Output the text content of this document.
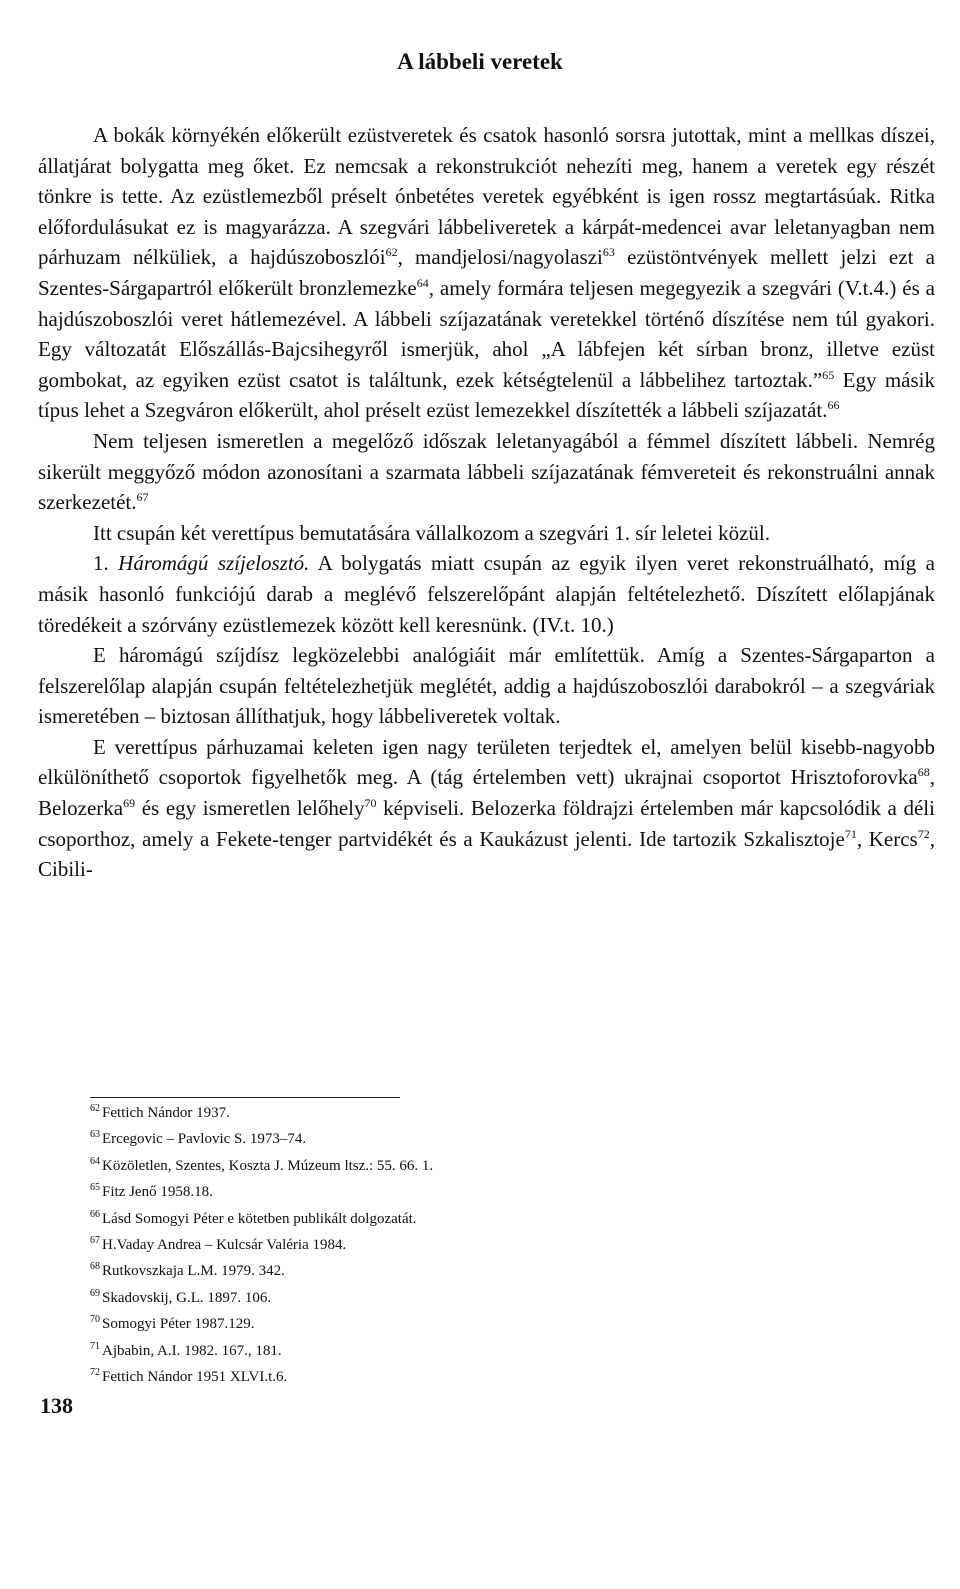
A lábbeli veretek

A bokák környékén előkerült ezüstveretek és csatok hasonló sorsra jutottak, mint a mellkas díszei, állatjárat bolygatta meg őket. Ez nemcsak a rekonstrukciót nehezíti meg, hanem a veretek egy részét tönkre is tette. Az ezüstlemezből préselt ónbetétes veretek egyébként is igen rossz megtartásúak. Ritka előfordulásukat ez is magyarázza. A szegvári lábbeliveretek a kárpát-medencei avar leletanyagban nem párhuzam nélküliek, a hajdúszoboszlói$^{62}$, mandjelosi/nagyolaszi$^{63}$ ezüstöntvények mellett jelzi ezt a Szentes-Sárgapartról előkerült bronzlemezke$^{64}$, amely formára teljesen megegyezik a szegvári (V.t.4.) és a hajdúszoboszlói veret hátlemezével. A lábbeli szíjazatának veretekkel történő díszítése nem túl gyakori. Egy változatát Előszállás-Bajcsihegyről ismerjük, ahol „A lábfejen két sírban bronz, illetve ezüst gombokat, az egyiken ezüst csatot is találtunk, ezek kétségtelenül a lábbelihez tartoztak.”$^{65}$ Egy másik típus lehet a Szegváron előkerült, ahol préselt ezüst lemezekkel díszítették a lábbeli szíjazatát.$^{66}$

Nem teljesen ismeretlen a megelőző időszak leletanyagából a fémmel díszített lábbeli. Nemrég sikerült meggyőző módon azonosítani a szarmata lábbeli szíjazatának fémvereteit és rekonstruálni annak szerkezetét.$^{67}$

Itt csupán két verettípus bemutatására vállalkozom a szegvári 1. sír leletei közül.

1. Háromágú szíjelosztó. A bolygatás miatt csupán az egyik ilyen veret rekonstruálható, míg a másik hasonló funkciójú darab a meglévő felszerelőpánt alapján feltételezhető. Díszített előlapjának töredékeit a szórvány ezüstlemezek között kell keresnünk. (IV.t. 10.)

E háromágú szíjdísz legközelebbi analógiáit már említettük. Amíg a Szentes-Sárgaparton a felszerelőlap alapján csupán feltételezhetjük meglétét, addig a hajdúszoboszlói darabokról – a szegváriak ismeretében – biztosan állíthatjuk, hogy lábbeliveretek voltak.

E verettípus párhuzamai keleten igen nagy területen terjedtek el, amelyen belül kisebb-nagyobb elkülöníthető csoportok figyelhetők meg. A (tág értelemben vett) ukrajnai csoportot Hrisztoforovka$^{68}$, Belozerka$^{69}$ és egy ismeretlen lelőhely$^{70}$ képviseli. Belozerka földrajzi értelemben már kapcsolódik a déli csoporthoz, amely a Fekete-tenger partvidékét és a Kaukázust jelenti. Ide tartozik Szkalisztoje$^{71}$, Kercs$^{72}$, Cibili-

$^{62}$ Fettich Nándor 1937.
$^{63}$ Ercegovic – Pavlovic S. 1973–74.
$^{64}$ Közöletlen, Szentes, Koszta J. Múzeum ltsz.: 55. 66. 1.
$^{65}$ Fitz Jenő 1958.18.
$^{66}$ Lásd Somogyi Péter e kötetben publikált dolgozatát.
$^{67}$ H.Vaday Andrea – Kulcsár Valéria 1984.
$^{68}$ Rutkovszkaja L.M. 1979. 342.
$^{69}$ Skadovskij, G.L. 1897. 106.
$^{70}$ Somogyi Péter 1987.129.
$^{71}$ Ajbabin, A.I. 1982. 167., 181.
$^{72}$ Fettich Nándor 1951 XLVI.t.6.
138
